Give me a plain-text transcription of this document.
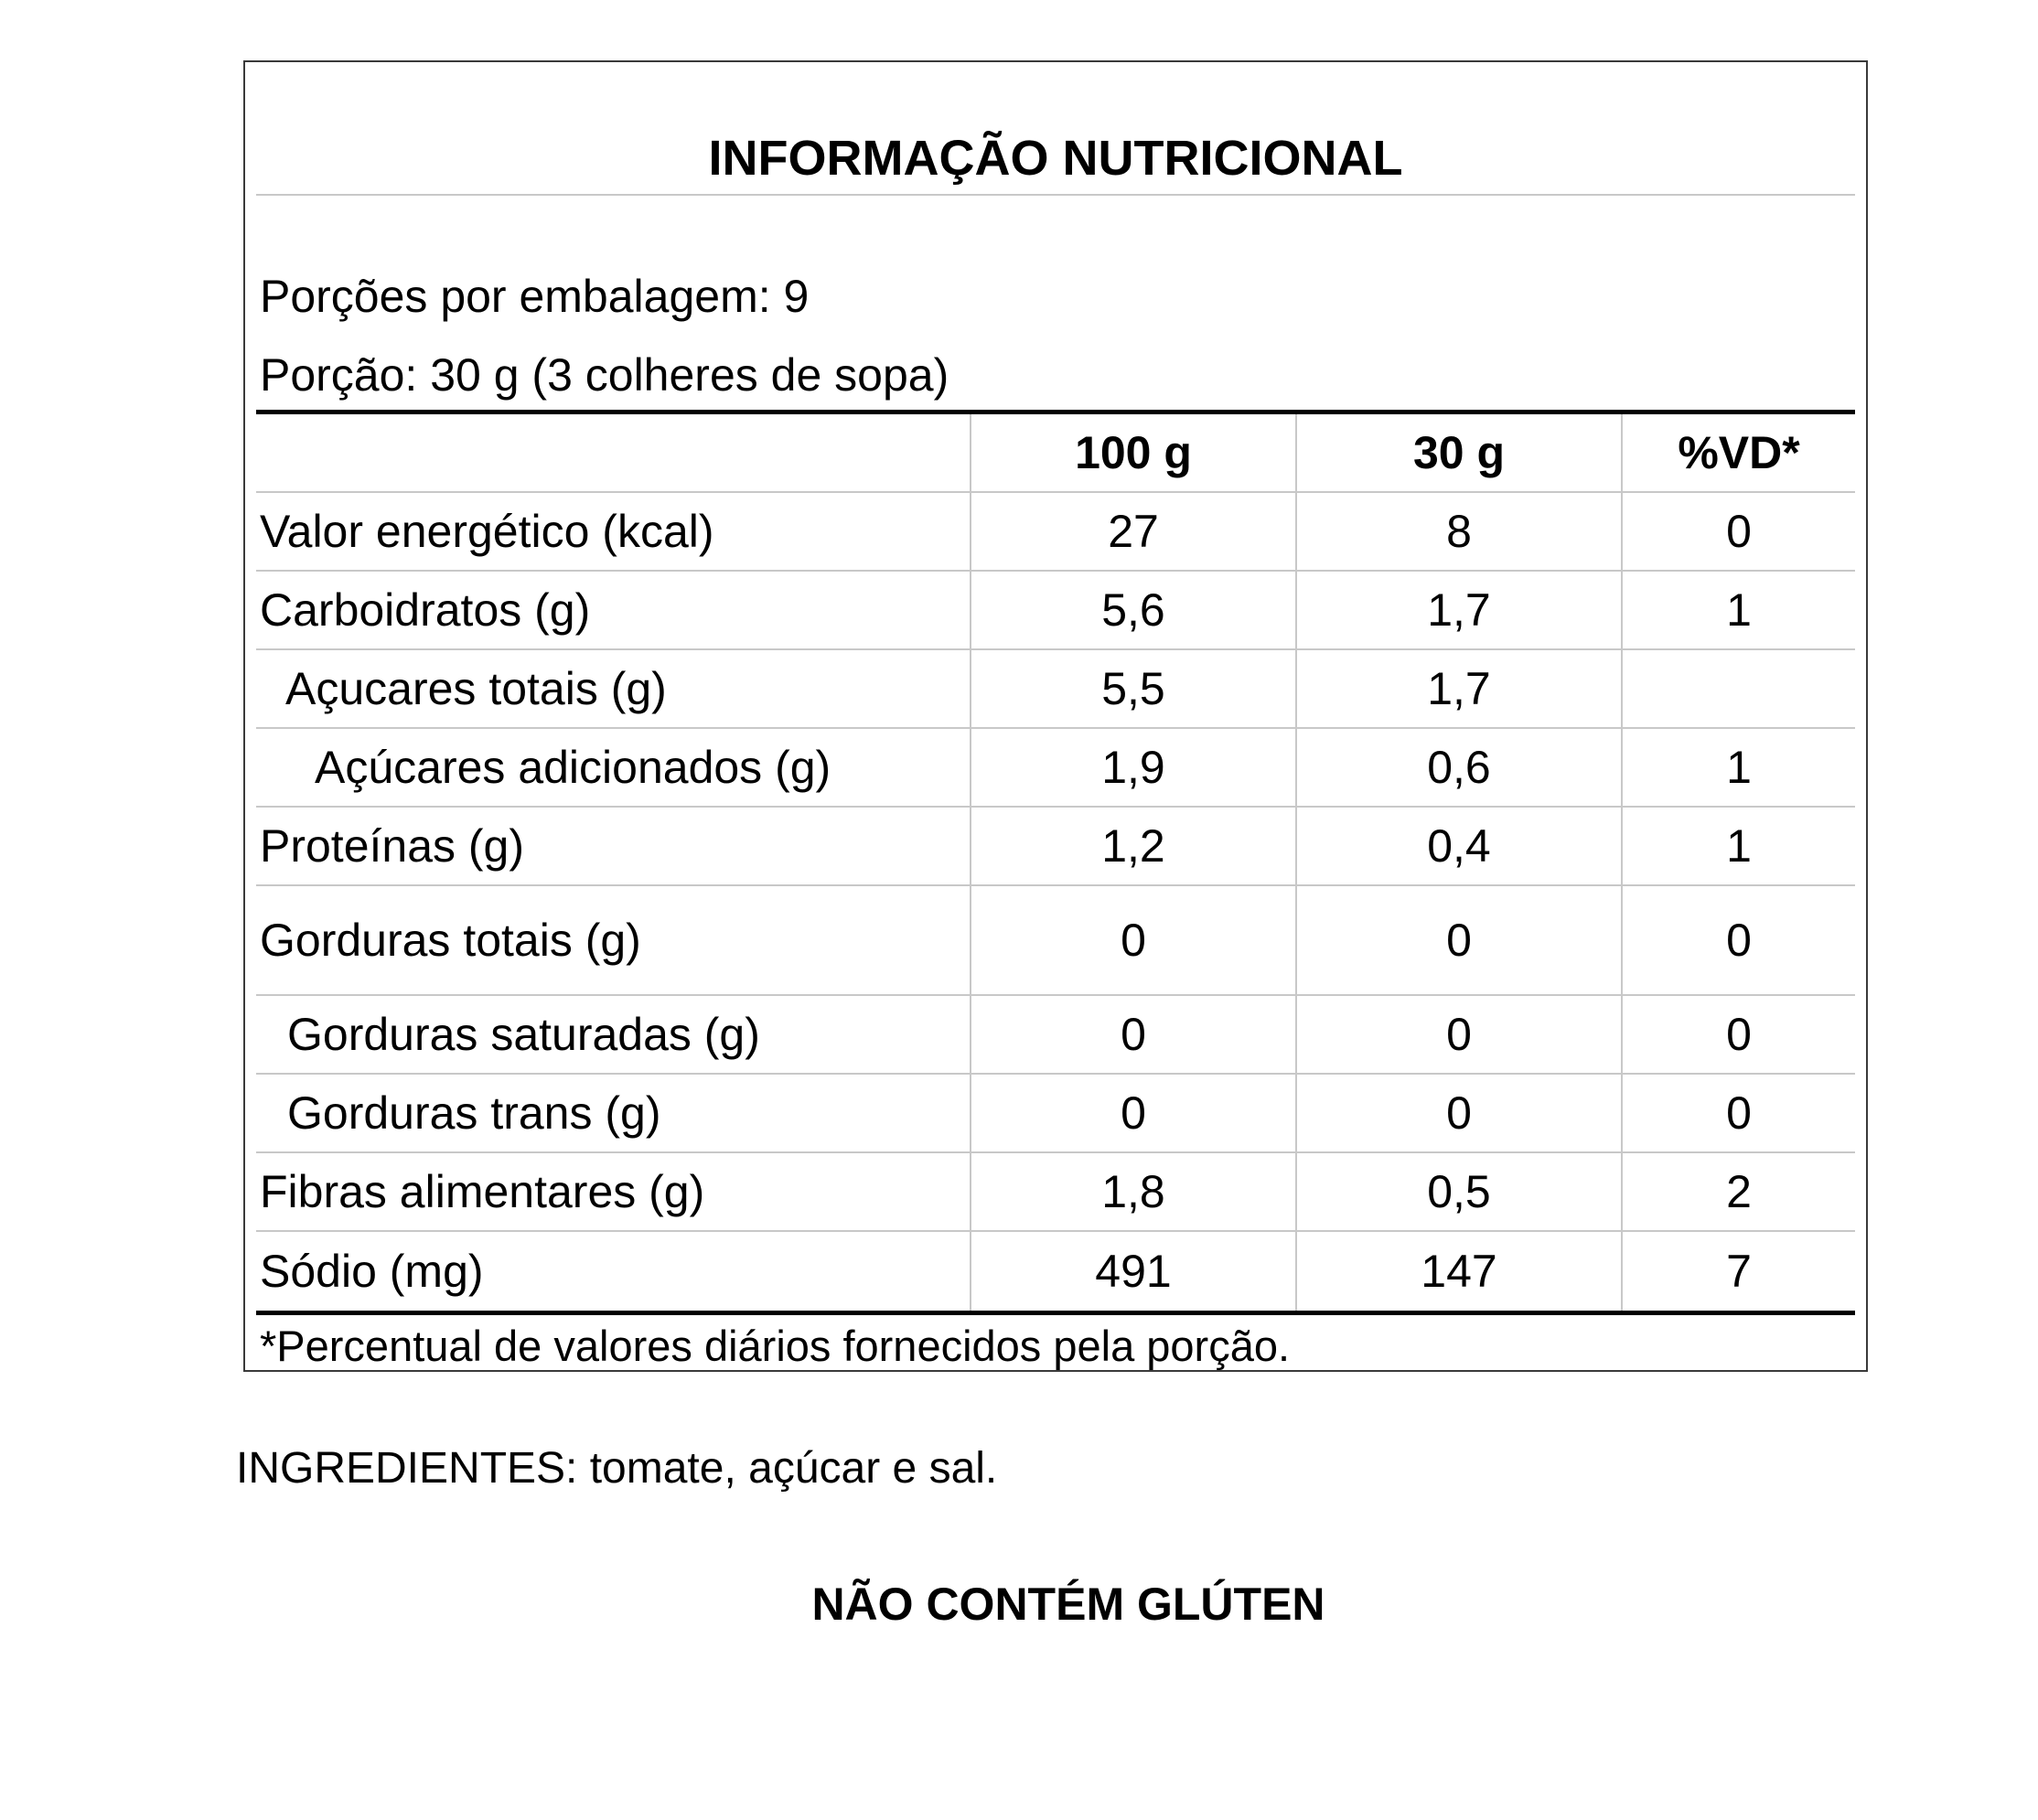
INFORMAÇÃO NUTRICIONAL
Porções por embalagem: 9
Porção: 30 g (3 colheres de sopa)
100 g	30 g	%VD*
Valor energético (kcal)	27	8	0
Carboidratos (g)	5,6	1,7	1
Açucares totais (g)	5,5	1,7
Açúcares adicionados (g)	1,9	0,6	1
Proteínas (g)	1,2	0,4	1
Gorduras totais (g)	0	0	0
Gorduras saturadas (g)	0	0	0
Gorduras trans (g)	0	0	0
Fibras alimentares (g)	1,8	0,5	2
Sódio (mg)	491	147	7
*Percentual de valores diários fornecidos pela porção.
INGREDIENTES: tomate, açúcar e sal.
NÃO CONTÉM GLÚTEN
